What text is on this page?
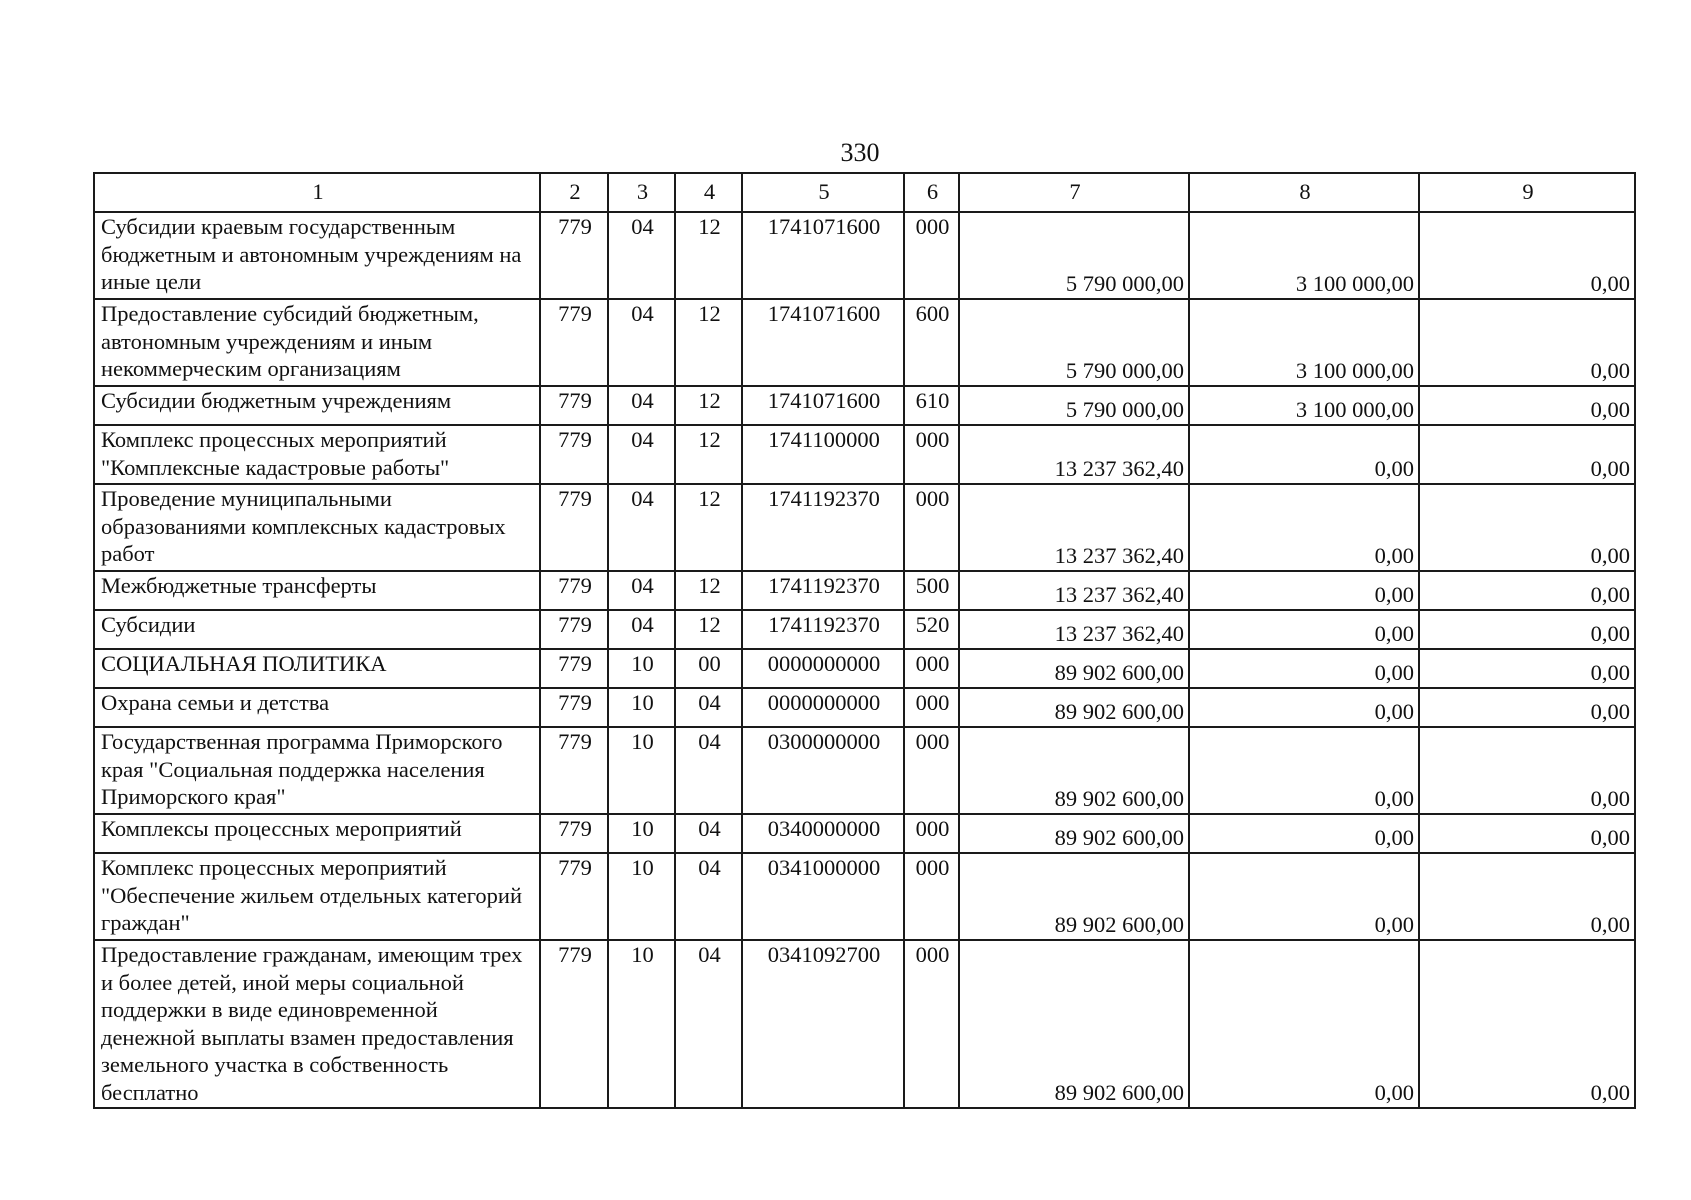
330
1	2	3	4	5	6	7	8	9
Субсидии краевым государственным бюджетным и автономным учреждениям на иные цели	779	04	12	1741071600	000	5 790 000,00	3 100 000,00	0,00
Предоставление субсидий бюджетным, автономным учреждениям и иным некоммерческим организациям	779	04	12	1741071600	600	5 790 000,00	3 100 000,00	0,00
Субсидии бюджетным учреждениям	779	04	12	1741071600	610	5 790 000,00	3 100 000,00	0,00
Комплекс процессных мероприятий "Комплексные кадастровые работы"	779	04	12	1741100000	000	13 237 362,40	0,00	0,00
Проведение муниципальными образованиями комплексных кадастровых работ	779	04	12	1741192370	000	13 237 362,40	0,00	0,00
Межбюджетные трансферты	779	04	12	1741192370	500	13 237 362,40	0,00	0,00
Субсидии	779	04	12	1741192370	520	13 237 362,40	0,00	0,00
СОЦИАЛЬНАЯ ПОЛИТИКА	779	10	00	0000000000	000	89 902 600,00	0,00	0,00
Охрана семьи и детства	779	10	04	0000000000	000	89 902 600,00	0,00	0,00
Государственная программа Приморского края "Социальная поддержка населения Приморского края"	779	10	04	0300000000	000	89 902 600,00	0,00	0,00
Комплексы процессных мероприятий	779	10	04	0340000000	000	89 902 600,00	0,00	0,00
Комплекс процессных мероприятий "Обеспечение жильем отдельных категорий граждан"	779	10	04	0341000000	000	89 902 600,00	0,00	0,00
Предоставление гражданам, имеющим трех и более детей, иной меры социальной поддержки в виде единовременной денежной выплаты взамен предоставления земельного участка в собственность бесплатно	779	10	04	0341092700	000	89 902 600,00	0,00	0,00
